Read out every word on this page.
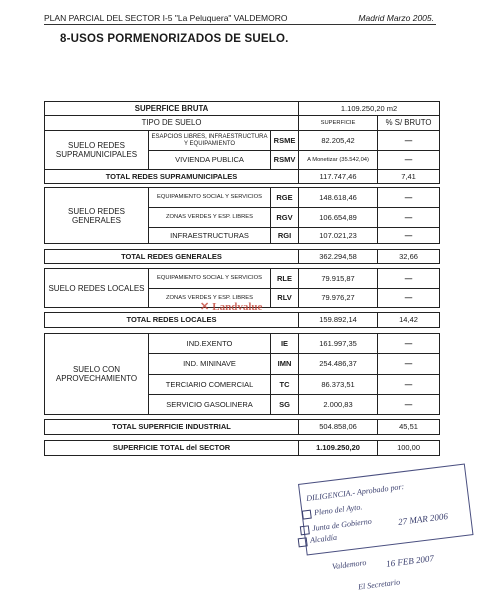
PLAN PARCIAL DEL SECTOR I-5 "La Peluquera" VALDEMORO	Madrid Marzo 2005.
8-USOS PORMENORIZADOS DE SUELO.
SUPERFICE BRUTA			1.109.250,20 m2	
TIPO DE SUELO			SUPERFICIE	% S/ BRUTO
SUELO REDES SUPRAMUNICIPALES	ESAPCIOS LIBRES, INFRAESTRUCTURA Y EQUIPAMIENTO	RSME	82.205,42	—
	VIVIENDA PUBLICA	RSMV	A Monetizar (35.542,04)	—
TOTAL REDES SUPRAMUNICIPALES			117.747,46	7,41

SUELO REDES GENERALES	EQUIPAMIENTO SOCIAL Y SERVICIOS	RGE	148.618,46	—
	ZONAS VERDES Y ESP. LIBRES	RGV	106.654,89	—
	INFRAESTRUCTURAS	RGI	107.021,23	—

TOTAL REDES GENERALES			362.294,58	32,66

SUELO REDES LOCALES	EQUIPAMIENTO SOCIAL Y SERVICIOS	RLE	79.915,87	—
	ZONAS VERDES Y ESP. LIBRES	RLV	79.976,27	—

TOTAL REDES LOCALES			159.892,14	14,42

SUELO CON APROVECHAMIENTO	IND.EXENTO	IE	161.997,35	—
	IND. MININAVE	IMN	254.486,37	—
	TERCIARIO COMERCIAL	TC	86.373,51	—
	SERVICIO GASOLINERA	SG	2.000,83	—

TOTAL SUPERFICIE INDUSTRIAL			504.858,06	45,51

SUPERFICIE TOTAL del SECTOR			1.109.250,20	100,00
✕ Landvalue
DILIGENCIA.- Aprobado por:
Pleno del Ayto.
Junta de Gobierno	27 MAR 2006
Alcaldía
Valdemoro 16 FEB 2007
El Secretario
